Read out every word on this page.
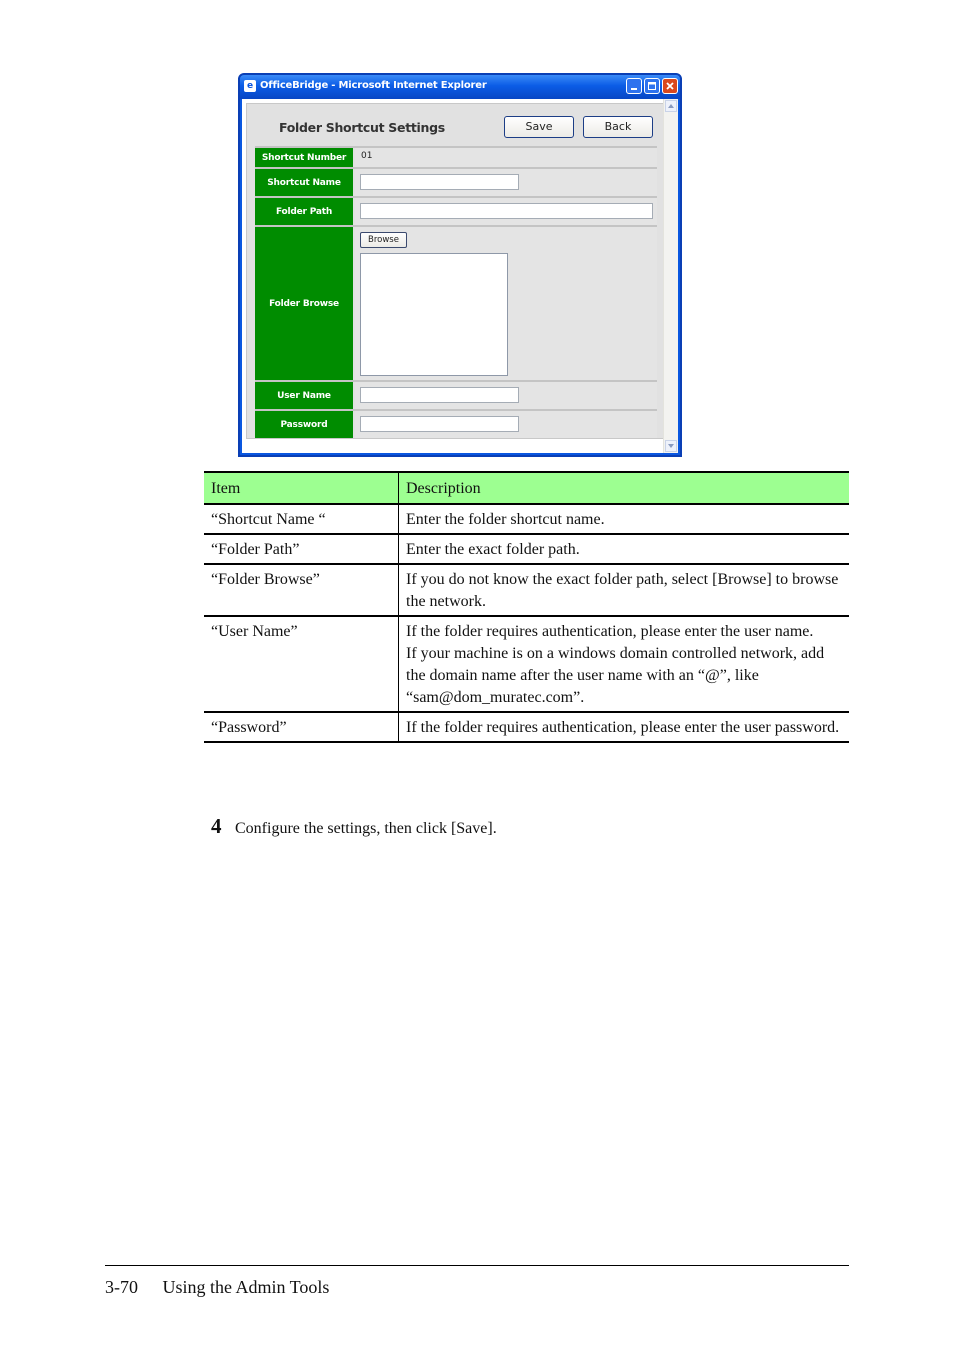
e OfficeBridge - Microsoft Internet Explorer
Folder Shortcut Settings	Save	Back
Shortcut Number	01
Shortcut Name
Folder Path
Folder Browse
Browse
User Name
Password
Item	Description
“Shortcut Name “	Enter the folder shortcut name.
“Folder Path”	Enter the exact folder path.
“Folder Browse”	If you do not know the exact folder path, select [Browse] to browse the network.
“User Name”	If the folder requires authentication, please enter the user name.
If your machine is on a windows domain controlled network, add the domain name after the user name with an “@”, like “sam@dom_muratec.com”.

“Password”	If the folder requires authentication, please enter the user password.
4 Configure the settings, then click [Save].
3-70 Using the Admin Tools
